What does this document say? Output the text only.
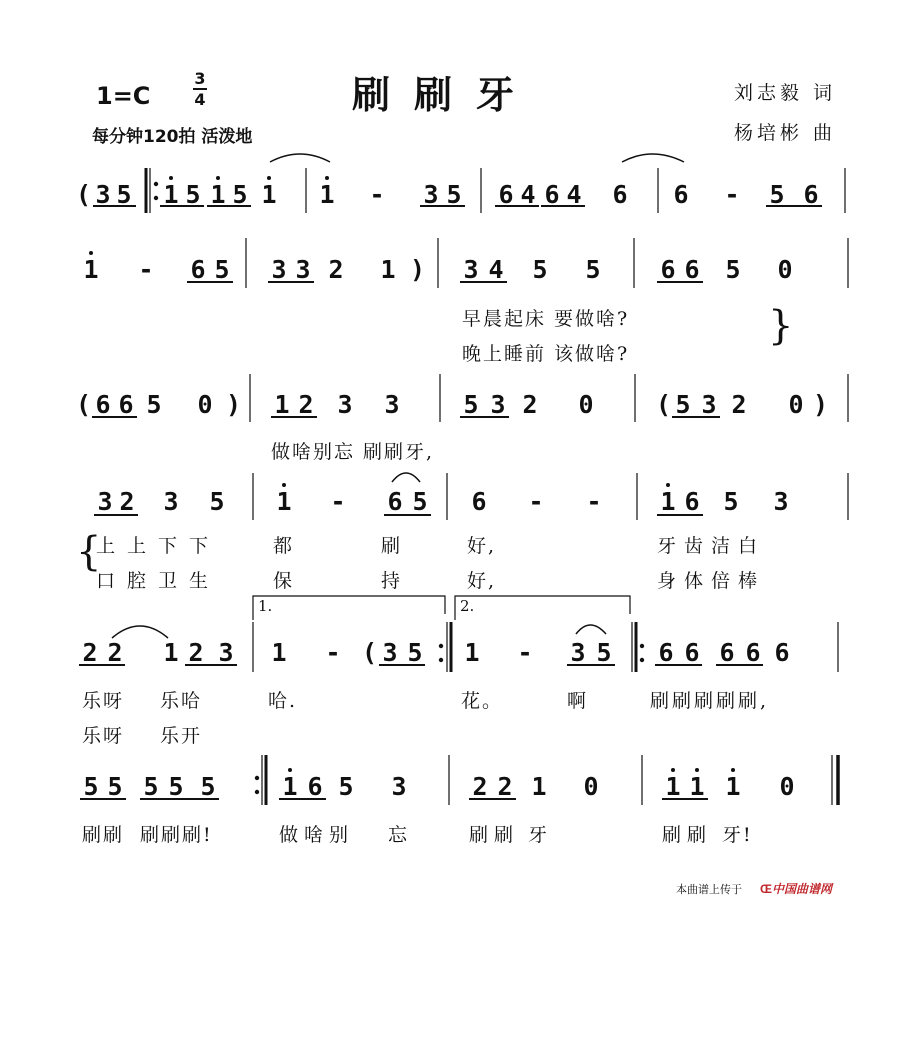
1=C
3
4	刷刷牙	刘志毅 词
杨培彬 曲
每分钟120拍 活泼地
( 3 5 1 5 1 5 1 1 - 3 5 6 4 6 4 6 6 - 5 6
1 - 6 5 3 3 2 1 ) 3 4 5 5 6 6 5 0
早晨起床 要做啥?
晚上睡前 该做啥?
}
( 6 6 5 0 ) 1 2 3 3	5 3 2 0 ( 5 3 2 0 )
做啥别忘 刷刷牙,
3 2 3 5 1 - 6 5 6 - - 1 6 5 3
{
上上下下	都	刷	好,	牙齿洁白
口腔卫生	保	持	好,	身体倍棒
1.	2.
2 2 1 2 3 1 - ( 3 5 1 - 3 5 6 6 6 6 6
乐呀 乐哈	哈.	花。	啊	刷刷刷刷刷,
乐呀 乐开
5 5 5 5 5	1 6 5 3	2 2 1 0	1 1 1 0
刷刷 刷刷刷!	做啥别 忘	刷刷 牙	刷刷 牙!
本曲谱上传于 Œ中国曲谱网
